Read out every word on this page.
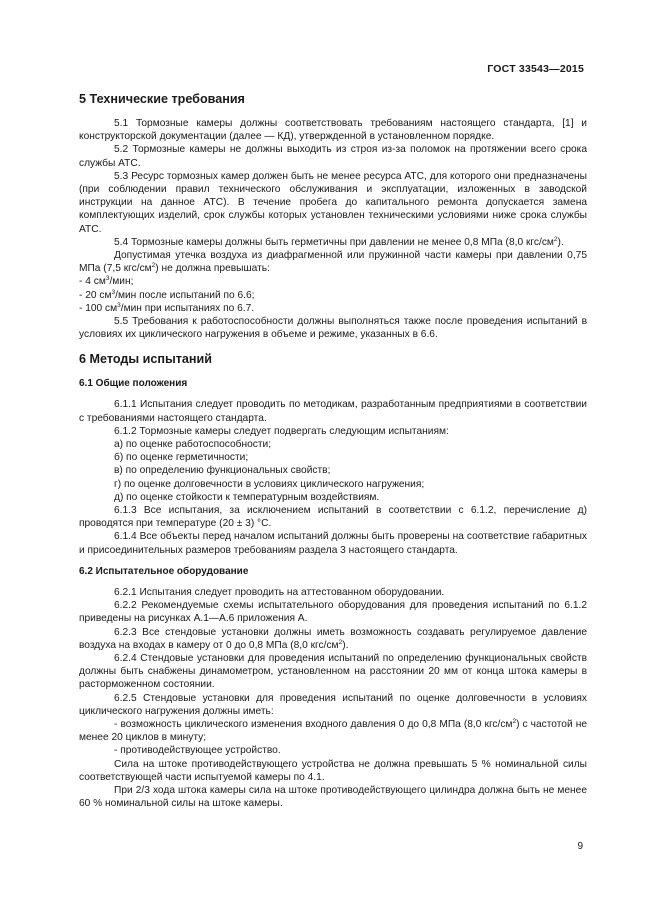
ГОСТ 33543—2015
5 Технические требования

5.1 Тормозные камеры должны соответствовать требованиям настоящего стандарта, [1] и конструкторской документации (далее — КД), утвержденной в установленном порядке.

5.2 Тормозные камеры не должны выходить из строя из-за поломок на протяжении всего срока службы АТС.

5.3 Ресурс тормозных камер должен быть не менее ресурса АТС, для которого они предназначены (при соблюдении правил технического обслуживания и эксплуатации, изложенных в заводской инструкции на данное АТС). В течение пробега до капитального ремонта допускается замена комплектующих изделий, срок службы которых установлен техническими условиями ниже срока службы АТС.

5.4 Тормозные камеры должны быть герметичны при давлении не менее 0,8 МПа (8,0 кгс/$см^2$).

Допустимая утечка воздуха из диафрагменной или пружинной части камеры при давлении 0,75 МПа (7,5 кгс/$см^2$) не должна превышать:

- 4 $см^3$/мин;

- 20 $см^3$/мин после испытаний по 6.6;

- 100 $см^3$/мин при испытаниях по 6.7.

5.5 Требования к работоспособности должны выполняться также после проведения испытаний в условиях их циклического нагружения в объеме и режиме, указанных в 6.6.

6 Методы испытаний
6.1 Общие положения

6.1.1 Испытания следует проводить по методикам, разработанным предприятиями в соответствии с требованиями настоящего стандарта.

6.1.2 Тормозные камеры следует подвергать следующим испытаниям:

а) по оценке работоспособности;

б) по оценке герметичности;

в) по определению функциональных свойств;

г) по оценке долговечности в условиях циклического нагружения;

д) по оценке стойкости к температурным воздействиям.

6.1.3 Все испытания, за исключением испытаний в соответствии с 6.1.2, перечисление д) проводятся при температуре (20 ± 3) °С.

6.1.4 Все объекты перед началом испытаний должны быть проверены на соответствие габаритных и присоединительных размеров требованиям раздела 3 настоящего стандарта.

6.2 Испытательное оборудование

6.2.1 Испытания следует проводить на аттестованном оборудовании.

6.2.2 Рекомендуемые схемы испытательного оборудования для проведения испытаний по 6.1.2 приведены на рисунках А.1—А.6 приложения А.

6.2.3 Все стендовые установки должны иметь возможность создавать регулируемое давление воздуха на входах в камеру от 0 до 0,8 МПа (8,0 кгс/$см^2$).

6.2.4 Стендовые установки для проведения испытаний по определению функциональных свойств должны быть снабжены динамометром, установленном на расстоянии 20 мм от конца штока камеры в расторможенном состоянии.

6.2.5 Стендовые установки для проведения испытаний по оценке долговечности в условиях циклического нагружения должны иметь:

- возможность циклического изменения входного давления 0 до 0,8 МПа (8,0 кгс/$см^2$) с частотой не менее 20 циклов в минуту;

- противодействующее устройство.

Сила на штоке противодействующего устройства не должна превышать 5 % номинальной силы соответствующей части испытуемой камеры по 4.1.

При 2/3 хода штока камеры сила на штоке противодействующего цилиндра должна быть не менее 60 % номинальной силы на штоке камеры.

9
